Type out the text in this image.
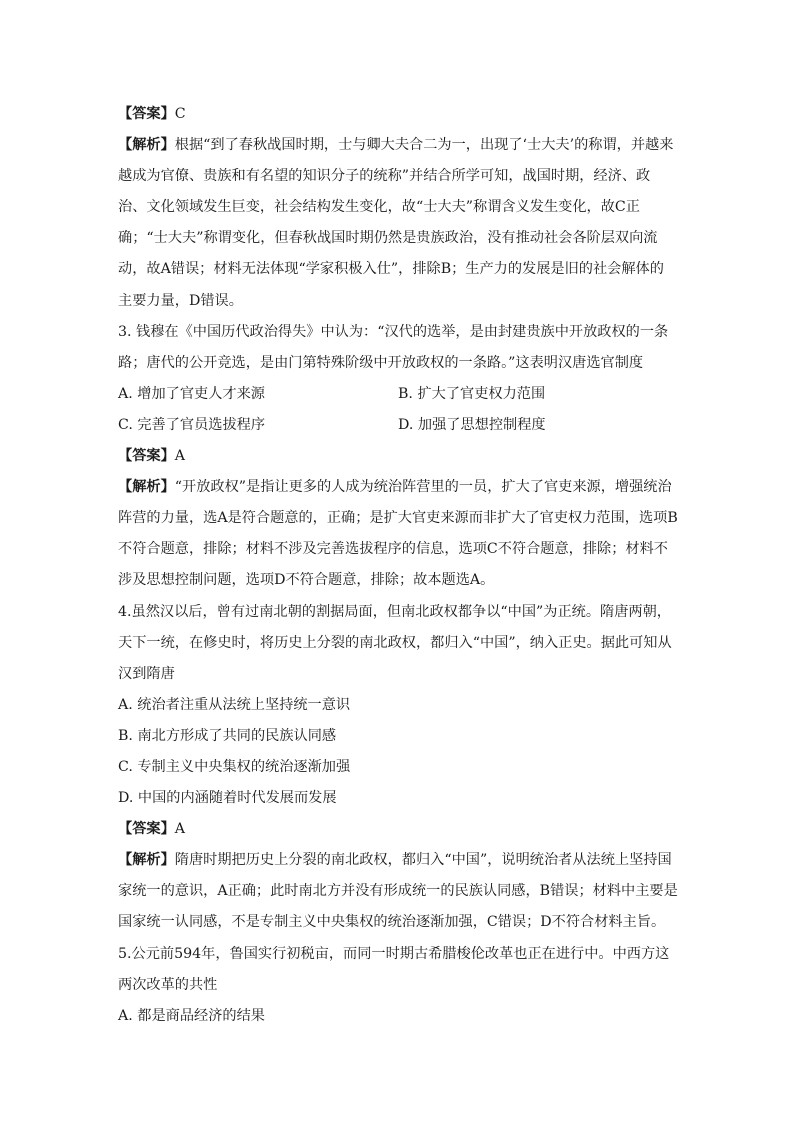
【答案】C

【解析】根据“到了春秋战国时期，士与卿大夫合二为一，出现了‘士大夫’的称谓，并越来越成为官僚、贵族和有名望的知识分子的统称”并结合所学可知，战国时期，经济、政治、文化领域发生巨变，社会结构发生变化，故“士大夫”称谓含义发生变化，故C正确；“士大夫”称谓变化，但春秋战国时期仍然是贵族政治，没有推动社会各阶层双向流动，故A错误；材料无法体现“学家积极入仕”，排除B；生产力的发展是旧的社会解体的主要力量，D错误。

3. 钱穆在《中国历代政治得失》中认为：“汉代的选举，是由封建贵族中开放政权的一条路；唐代的公开竞选，是由门第特殊阶级中开放政权的一条路。”这表明汉唐选官制度

A. 增加了官吏人才来源	B. 扩大了官吏权力范围
C. 完善了官员选拔程序	D. 加强了思想控制程度

【答案】A

【解析】“开放政权”是指让更多的人成为统治阵营里的一员，扩大了官吏来源，增强统治阵营的力量，选A是符合题意的，正确；是扩大官吏来源而非扩大了官吏权力范围，选项B不符合题意，排除；材料不涉及完善选拔程序的信息，选项C不符合题意，排除；材料不涉及思想控制问题，选项D不符合题意，排除；故本题选A。

4.虽然汉以后，曾有过南北朝的割据局面，但南北政权都争以“中国”为正统。隋唐两朝，天下一统，在修史时，将历史上分裂的南北政权，都归入“中国”，纳入正史。据此可知从汉到隋唐

A. 统治者注重从法统上坚持统一意识

B. 南北方形成了共同的民族认同感

C. 专制主义中央集权的统治逐渐加强

D. 中国的内涵随着时代发展而发展

【答案】A

【解析】隋唐时期把历史上分裂的南北政权，都归入“中国”，说明统治者从法统上坚持国家统一的意识，A正确；此时南北方并没有形成统一的民族认同感，B错误；材料中主要是国家统一认同感，不是专制主义中央集权的统治逐渐加强，C错误；D不符合材料主旨。

5.公元前594年，鲁国实行初税亩，而同一时期古希腊梭伦改革也正在进行中。中西方这两次改革的共性

A. 都是商品经济的结果
